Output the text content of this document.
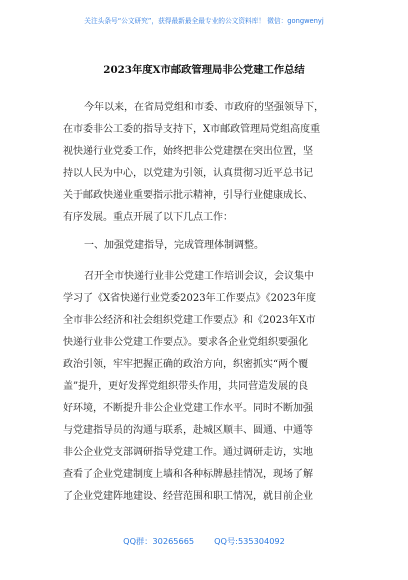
关注头条号“公文研究”，获得最新最全最专业的公文资料库！ 微信：gongwenyj
2023年度X市邮政管理局非公党建工作总结
今年以来，在省局党组和市委、市政府的坚强领导下，
在市委非公工委的指导支持下，X市邮政管理局党组高度重
视快递行业党委工作，始终把非公党建摆在突出位置，坚
持以人民为中心，以党建为引领，认真贯彻习近平总书记
关于邮政快递业重要指示批示精神，引导行业健康成长、
有序发展。重点开展了以下几点工作：
一、加强党建指导，完成管理体制调整。
召开全市快递行业非公党建工作培训会议，会议集中
学习了《X省快递行业党委2023年工作要点》《2023年度
全市非公经济和社会组织党建工作要点》和《2023年X市
快递行业非公党建工作要点》。要求各企业党组织要强化
政治引领，牢牢把握正确的政治方向，织密抓实“两个覆
盖”提升，更好发挥党组织带头作用，共同营造发展的良
好环境，不断提升非公企业党建工作水平。同时不断加强
与党建指导员的沟通与联系，赴城区顺丰、圆通、中通等
非公企业党支部调研指导党建工作。通过调研走访，实地
查看了企业党建制度上墙和各种标牌悬挂情况，现场了解
了企业党建阵地建设、经营范围和职工情况，就目前企业
QQ群：30265665 QQ号:535304092
